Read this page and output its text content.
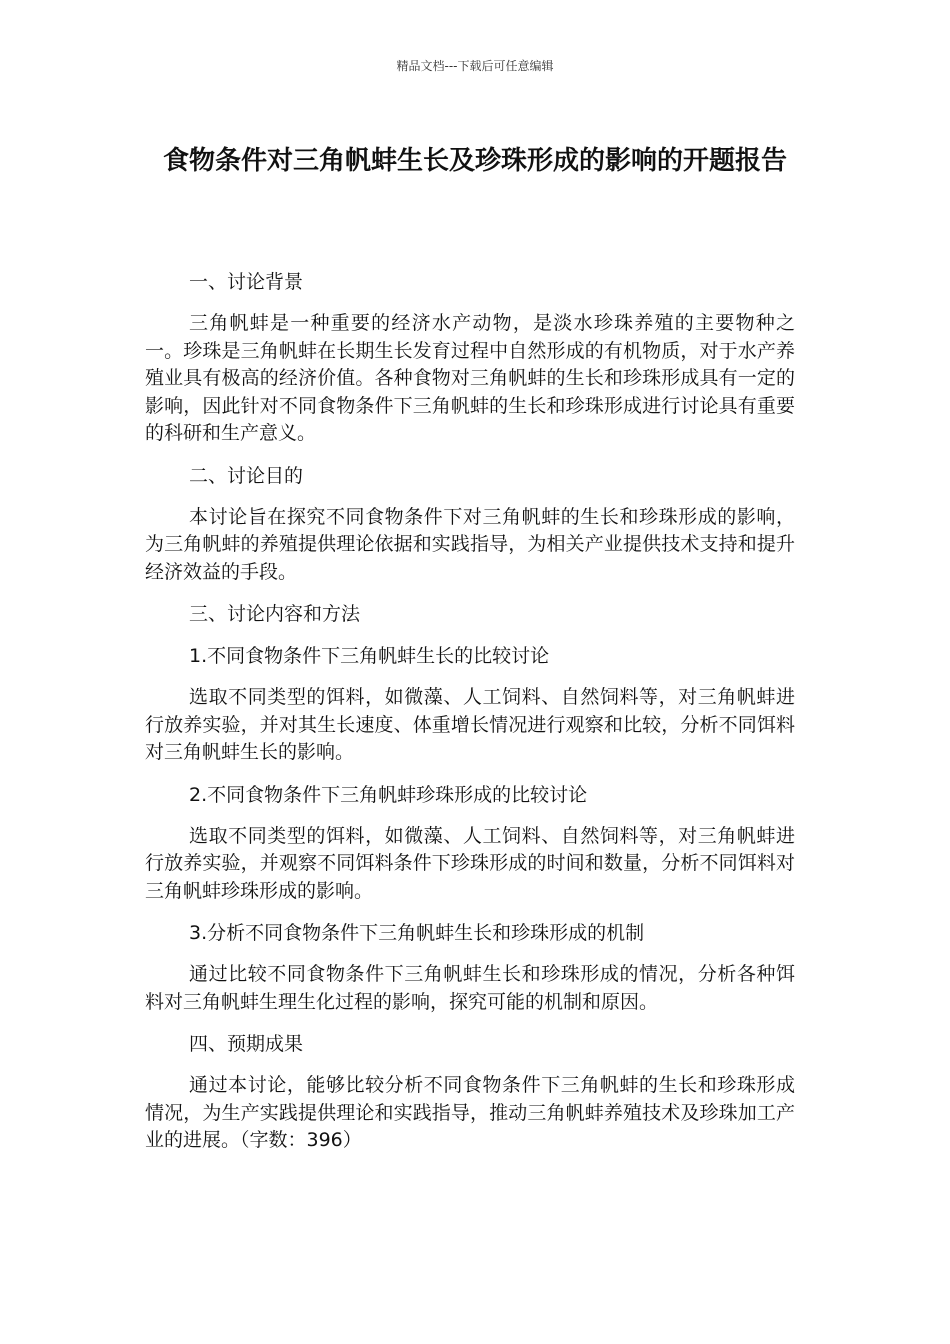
精品文档---下载后可任意编辑
食物条件对三角帆蚌生长及珍珠形成的影响的开题报告

一、讨论背景

三角帆蚌是一种重要的经济水产动物，是淡水珍珠养殖的主要物种之一。珍珠是三角帆蚌在长期生长发育过程中自然形成的有机物质，对于水产养殖业具有极高的经济价值。各种食物对三角帆蚌的生长和珍珠形成具有一定的影响，因此针对不同食物条件下三角帆蚌的生长和珍珠形成进行讨论具有重要的科研和生产意义。

二、讨论目的

本讨论旨在探究不同食物条件下对三角帆蚌的生长和珍珠形成的影响，为三角帆蚌的养殖提供理论依据和实践指导，为相关产业提供技术支持和提升经济效益的手段。

三、讨论内容和方法

1.不同食物条件下三角帆蚌生长的比较讨论

选取不同类型的饵料，如微藻、人工饲料、自然饲料等，对三角帆蚌进行放养实验，并对其生长速度、体重增长情况进行观察和比较，分析不同饵料对三角帆蚌生长的影响。

2.不同食物条件下三角帆蚌珍珠形成的比较讨论

选取不同类型的饵料，如微藻、人工饲料、自然饲料等，对三角帆蚌进行放养实验，并观察不同饵料条件下珍珠形成的时间和数量，分析不同饵料对三角帆蚌珍珠形成的影响。

3.分析不同食物条件下三角帆蚌生长和珍珠形成的机制

通过比较不同食物条件下三角帆蚌生长和珍珠形成的情况，分析各种饵料对三角帆蚌生理生化过程的影响，探究可能的机制和原因。

四、预期成果

通过本讨论，能够比较分析不同食物条件下三角帆蚌的生长和珍珠形成情况，为生产实践提供理论和实践指导，推动三角帆蚌养殖技术及珍珠加工产业的进展。（字数：396）
